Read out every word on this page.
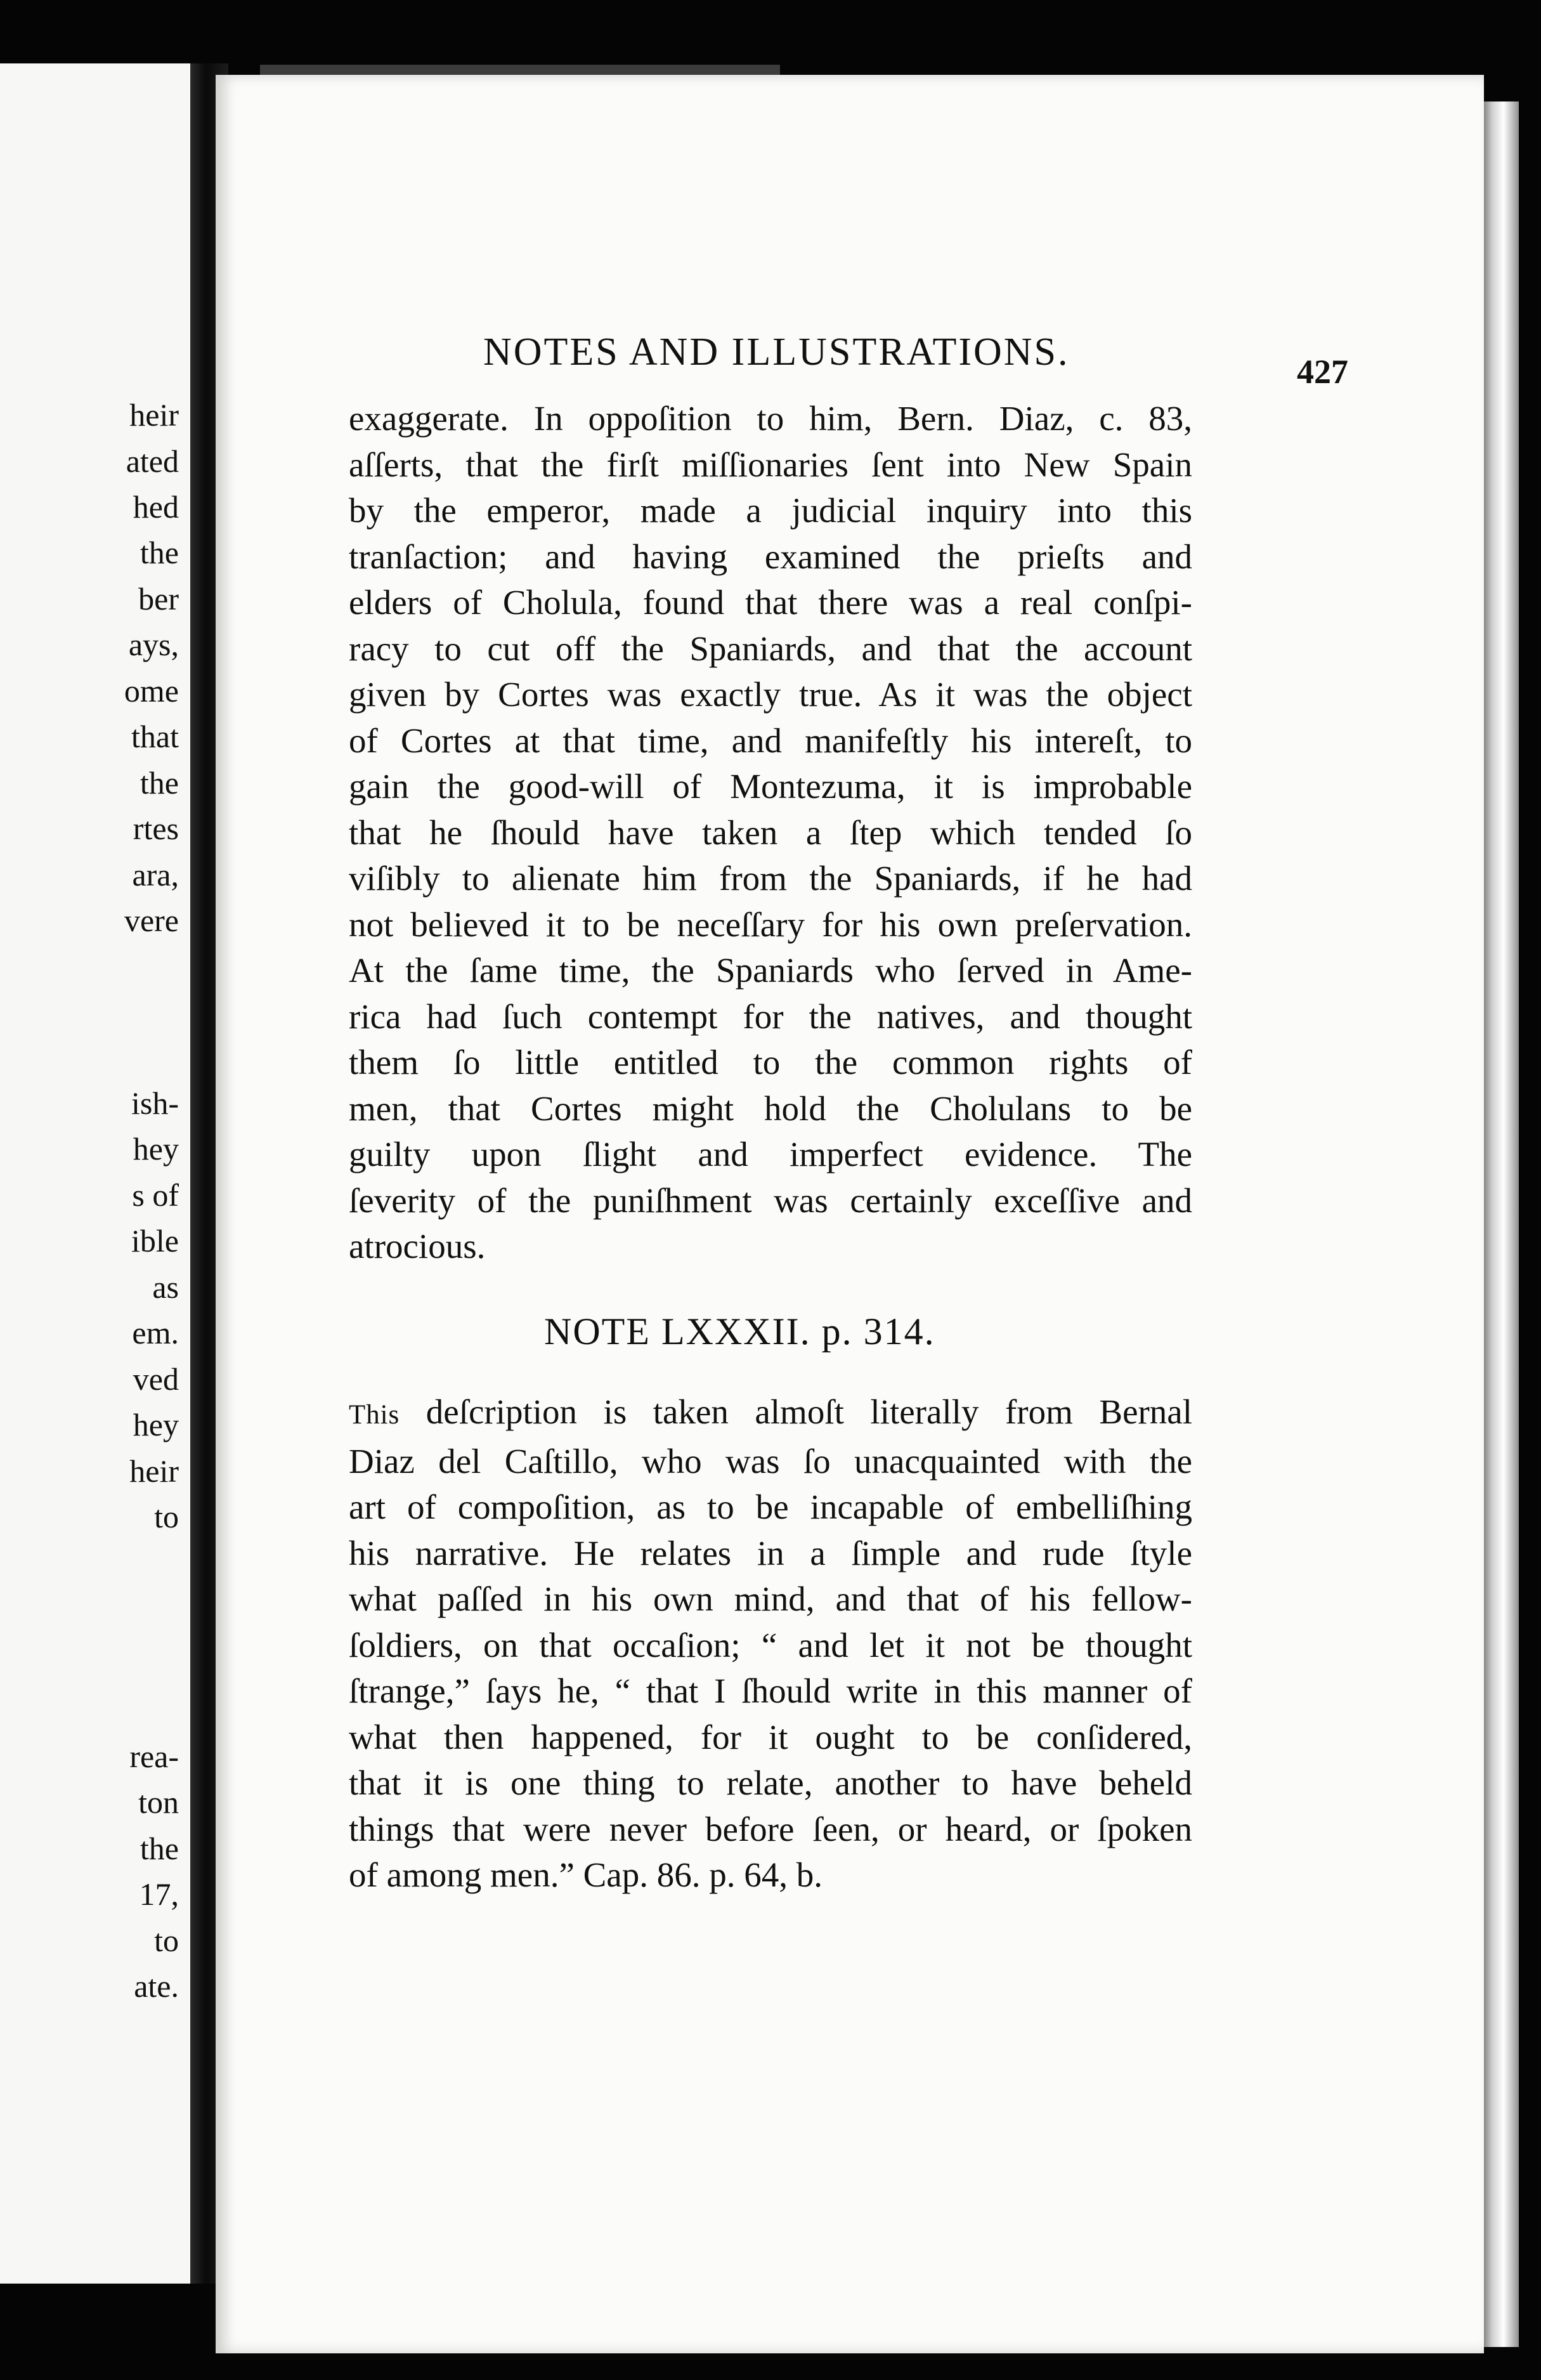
heir
ated
hed
the
ber
ays,
ome
that
the
rtes
ara,
vere
ish-
hey
s of
ible
as
em.
ved
hey
heir
to
rea-
ton
the
17,
to
ate.
NOTES AND ILLUSTRATIONS.	427
exaggerate. In oppoſition to him, Bern. Diaz, c. 83,
aſſerts, that the firſt miſſionaries ſent into New Spain
by the emperor, made a judicial inquiry into this
tranſaction; and having examined the prieſts and
elders of Cholula, found that there was a real conſpi-
racy to cut off the Spaniards, and that the account
given by Cortes was exactly true. As it was the object
of Cortes at that time, and manifeſtly his intereſt, to
gain the good-will of Montezuma, it is improbable
that he ſhould have taken a ſtep which tended ſo
viſibly to alienate him from the Spaniards, if he had
not believed it to be neceſſary for his own preſervation.
At the ſame time, the Spaniards who ſerved in Ame-
rica had ſuch contempt for the natives, and thought
them ſo little entitled to the common rights of
men, that Cortes might hold the Cholulans to be
guilty upon ſlight and imperfect evidence. The
ſeverity of the puniſhment was certainly exceſſive and
atrocious.
NOTE LXXXII. p. 314.
This deſcription is taken almoſt literally from Bernal
Diaz del Caſtillo, who was ſo unacquainted with the
art of compoſition, as to be incapable of embelliſhing
his narrative. He relates in a ſimple and rude ſtyle
what paſſed in his own mind, and that of his fellow-
ſoldiers, on that occaſion; “ and let it not be thought
ſtrange,” ſays he, “ that I ſhould write in this manner of
what then happened, for it ought to be conſidered,
that it is one thing to relate, another to have beheld
things that were never before ſeen, or heard, or ſpoken
of among men.” Cap. 86. p. 64, b.
